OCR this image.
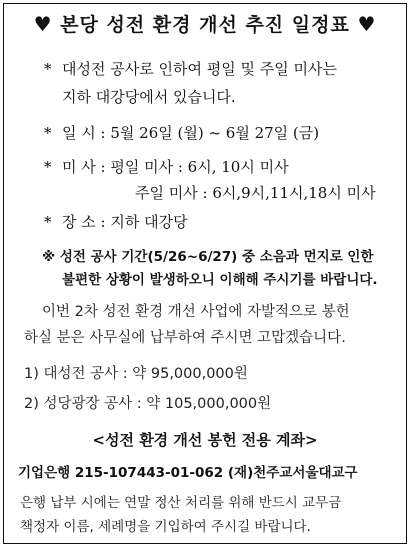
♥ 본당 성전 환경 개선 추진 일정표 ♥
* 대성전 공사로 인하여 평일 및 주일 미사는
지하 대강당에서 있습니다.
* 일 시 : 5월 26일 (월) ~ 6월 27일 (금)
* 미 사 : 평일 미사 : 6시, 10시 미사
주일 미사 : 6시,9시,11시,18시 미사
* 장 소 : 지하 대강당
※ 성전 공사 기간(5/26~6/27) 중 소음과 먼지로 인한
불편한 상황이 발생하오니 이해해 주시기를 바랍니다.
이번 2차 성전 환경 개선 사업에 자발적으로 봉헌
하실 분은 사무실에 납부하여 주시면 고맙겠습니다.
1) 대성전 공사 : 약 95,000,000원
2) 성당광장 공사 : 약 105,000,000원
<성전 환경 개선 봉헌 전용 계좌>
기업은행 215-107443-01-062 (재)천주교서울대교구
은행 납부 시에는 연말 정산 처리를 위해 반드시 교무금
책정자 이름, 세례명을 기입하여 주시길 바랍니다.
